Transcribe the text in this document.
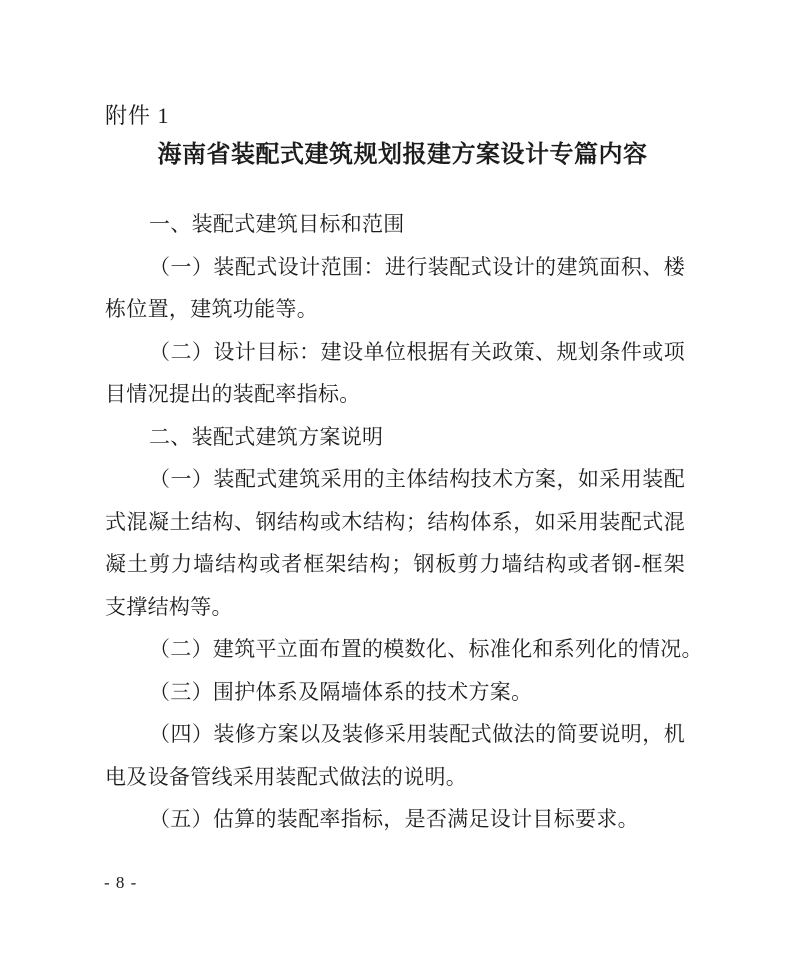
附件 1
海南省装配式建筑规划报建方案设计专篇内容

一、装配式建筑目标和范围

（一）装配式设计范围：进行装配式设计的建筑面积、楼栋位置，建筑功能等。

（二）设计目标：建设单位根据有关政策、规划条件或项目情况提出的装配率指标。

二、装配式建筑方案说明

（一）装配式建筑采用的主体结构技术方案，如采用装配式混凝土结构、钢结构或木结构；结构体系，如采用装配式混凝土剪力墙结构或者框架结构；钢板剪力墙结构或者钢-框架支撑结构等。

（二）建筑平立面布置的模数化、标准化和系列化的情况。

（三）围护体系及隔墙体系的技术方案。

（四）装修方案以及装修采用装配式做法的简要说明，机电及设备管线采用装配式做法的说明。

（五）估算的装配率指标，是否满足设计目标要求。

- 8 -
